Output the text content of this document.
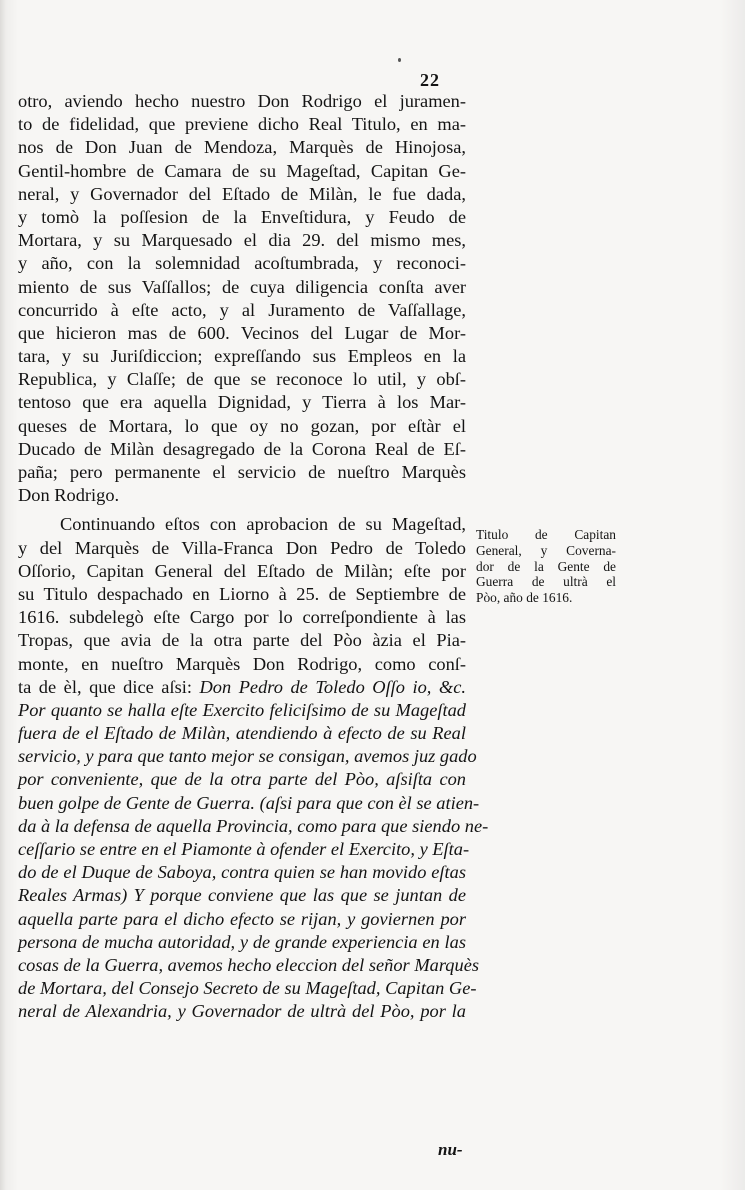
22
otro, aviendo hecho nuestro Don Rodrigo el juramen-
to de fidelidad, que previene dicho Real Titulo, en ma-
nos de Don Juan de Mendoza, Marquès de Hinojosa,
Gentil-hombre de Camara de su Mageſtad, Capitan Ge-
neral, y Governador del Eſtado de Milàn, le fue dada,
y tomò la poſſesion de la Enveſtidura, y Feudo de
Mortara, y su Marquesado el dia 29. del mismo mes,
y año, con la solemnidad acoſtumbrada, y reconoci-
miento de sus Vaſſallos; de cuya diligencia conſta aver
concurrido à eſte acto, y al Juramento de Vaſſallage,
que hicieron mas de 600. Vecinos del Lugar de Mor-
tara, y su Juriſdiccion; expreſſando sus Empleos en la
Republica, y Claſſe; de que se reconoce lo util, y obſ-
tentoso que era aquella Dignidad, y Tierra à los Mar-
queses de Mortara, lo que oy no gozan, por eſtàr el
Ducado de Milàn desagregado de la Corona Real de Eſ-
paña; pero permanente el servicio de nueſtro Marquès
Don Rodrigo.
Continuando eſtos con aprobacion de su Mageſtad,
y del Marquès de Villa-Franca Don Pedro de Toledo
Oſſorio, Capitan General del Eſtado de Milàn; eſte por
su Titulo despachado en Liorno à 25. de Septiembre de
1616. subdelegò eſte Cargo por lo correſpondiente à las
Tropas, que avia de la otra parte del Pòo àzia el Pia-
monte, en nueſtro Marquès Don Rodrigo, como conſ-
ta de èl, que dice aſsi: Don Pedro de Toledo Oſſo io, &c.
Por quanto se halla eſte Exercito feliciſsimo de su Mageſtad
fuera de el Eſtado de Milàn, atendiendo à efecto de su Real
servicio, y para que tanto mejor se consigan, avemos juz gado
por conveniente, que de la otra parte del Pòo, aſsiſta con
buen golpe de Gente de Guerra. (aſsi para que con èl se atien-
da à la defensa de aquella Provincia, como para que siendo ne-
ceſſario se entre en el Piamonte à ofender el Exercito, y Eſta-
do de el Duque de Saboya, contra quien se han movido eſtas
Reales Armas) Y porque conviene que las que se juntan de
aquella parte para el dicho efecto se rijan, y goviernen por
persona de mucha autoridad, y de grande experiencia en las
cosas de la Guerra, avemos hecho eleccion del señor Marquès
de Mortara, del Consejo Secreto de su Mageſtad, Capitan Ge-
neral de Alexandria, y Governador de ultrà del Pòo, por la
Titulo de Capitan
General, y Coverna-
dor de la Gente de
Guerra de ultrà el
Pòo, año de 1616.
nu-
